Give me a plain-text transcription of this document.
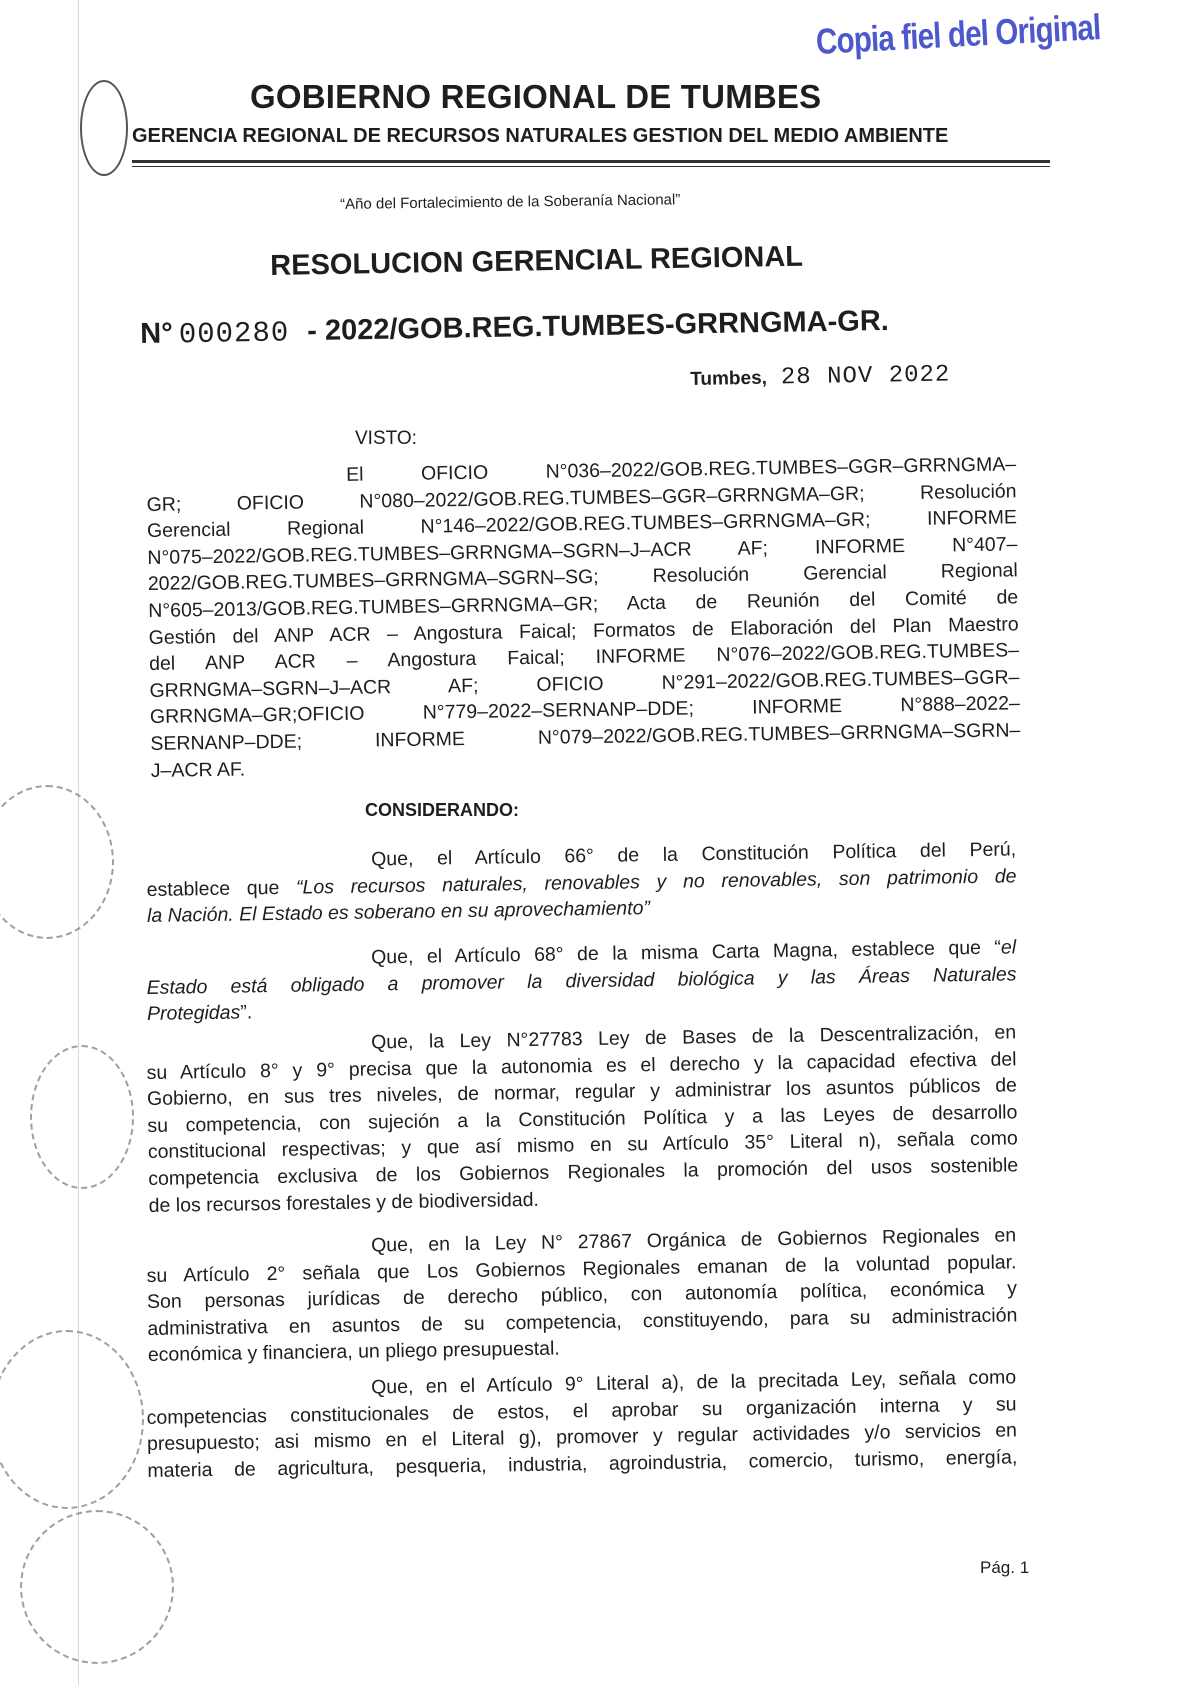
Copia fiel del Original
GOBIERNO REGIONAL DE TUMBES
GERENCIA REGIONAL DE RECURSOS NATURALES GESTION DEL MEDIO AMBIENTE
“Año del Fortalecimiento de la Soberanía Nacional”
RESOLUCION GERENCIAL REGIONAL
N° 000280 - 2022/GOB.REG.TUMBES-GRRNGMA-GR.
Tumbes, 28 NOV 2022
VISTO:
El OFICIO N°036–2022/GOB.REG.TUMBES–GGR–GRRNGMA–
GR; OFICIO N°080–2022/GOB.REG.TUMBES–GGR–GRRNGMA–GR; Resolución
Gerencial Regional N°146–2022/GOB.REG.TUMBES–GRRNGMA–GR; INFORME
N°075–2022/GOB.REG.TUMBES–GRRNGMA–SGRN–J–ACR AF; INFORME N°407–
2022/GOB.REG.TUMBES–GRRNGMA–SGRN–SG; Resolución Gerencial Regional
N°605–2013/GOB.REG.TUMBES–GRRNGMA–GR; Acta de Reunión del Comité de
Gestión del ANP ACR – Angostura Faical; Formatos de Elaboración del Plan Maestro
del ANP ACR – Angostura Faical; INFORME N°076–2022/GOB.REG.TUMBES–
GRRNGMA–SGRN–J–ACR AF; OFICIO N°291–2022/GOB.REG.TUMBES–GGR–
GRRNGMA–GR;OFICIO N°779–2022–SERNANP–DDE; INFORME N°888–2022–
SERNANP–DDE; INFORME N°079–2022/GOB.REG.TUMBES–GRRNGMA–SGRN–
J–ACR AF.
CONSIDERANDO:
Que, el Artículo 66° de la Constitución Política del Perú,
establece que “Los recursos naturales, renovables y no renovables, son patrimonio de
la Nación. El Estado es soberano en su aprovechamiento”
Que, el Artículo 68° de la misma Carta Magna, establece que “el
Estado está obligado a promover la diversidad biológica y las Áreas Naturales
Protegidas”.
Que, la Ley N°27783 Ley de Bases de la Descentralización, en
su Artículo 8° y 9° precisa que la autonomia es el derecho y la capacidad efectiva del
Gobierno, en sus tres niveles, de normar, regular y administrar los asuntos públicos de
su competencia, con sujeción a la Constitución Política y a las Leyes de desarrollo
constitucional respectivas; y que así mismo en su Artículo 35° Literal n), señala como
competencia exclusiva de los Gobiernos Regionales la promoción del usos sostenible
de los recursos forestales y de biodiversidad.
Que, en la Ley N° 27867 Orgánica de Gobiernos Regionales en
su Artículo 2° señala que Los Gobiernos Regionales emanan de la voluntad popular.
Son personas jurídicas de derecho público, con autonomía política, económica y
administrativa en asuntos de su competencia, constituyendo, para su administración
económica y financiera, un pliego presupuestal.
Que, en el Artículo 9° Literal a), de la precitada Ley, señala como
competencias constitucionales de estos, el aprobar su organización interna y su
presupuesto; asi mismo en el Literal g), promover y regular actividades y/o servicios en
materia de agricultura, pesqueria, industria, agroindustria, comercio, turismo, energía,
Pág. 1
